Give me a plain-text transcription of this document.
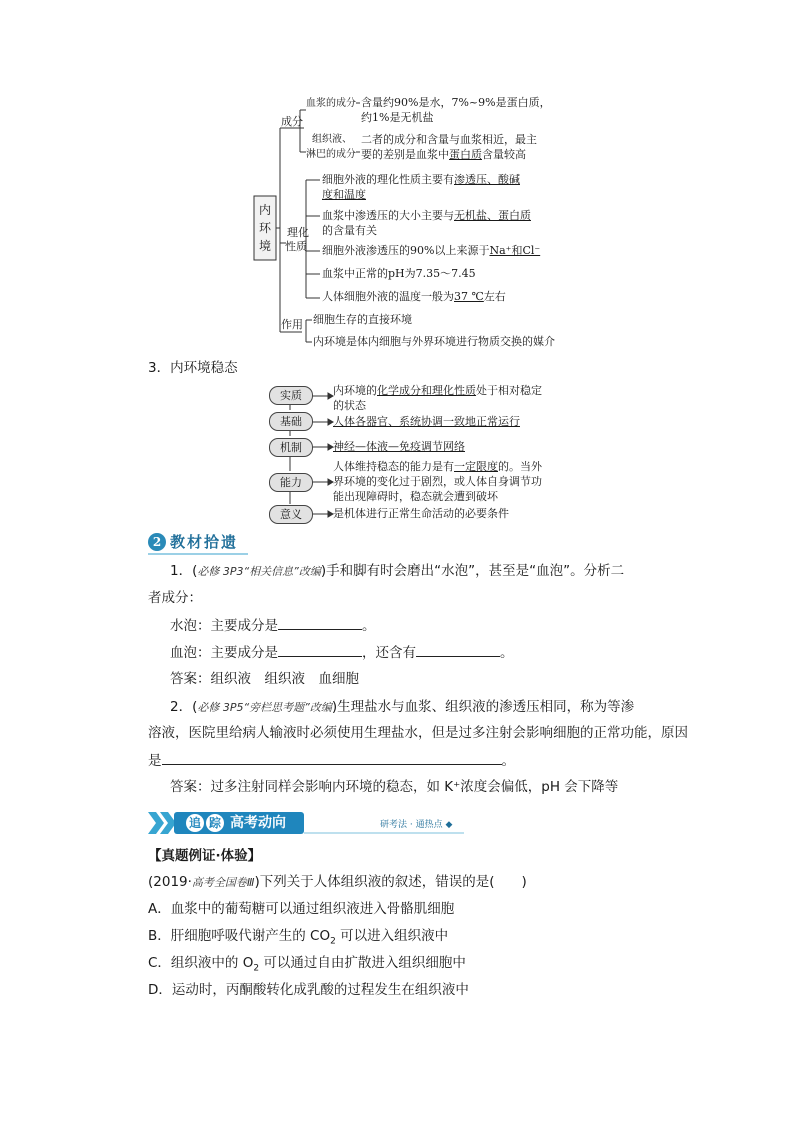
内环境
成分
血浆的成分 含量约90%是水，7%~9%是蛋白质，
约1%是无机盐
组织液、
淋巴的成分
二者的成分和含量与血浆相近，最主
要的差别是血浆中蛋白质含量较高
理化
性质
细胞外液的理化性质主要有渗透压、酸碱
度和温度
血浆中渗透压的大小主要与无机盐、蛋白质
的含量有关
细胞外液渗透压的90%以上来源于Na⁺和Cl⁻
血浆中正常的pH为7.35～7.45
人体细胞外液的温度一般为37 ℃左右
作用 细胞生存的直接环境
内环境是体内细胞与外界环境进行物质交换的媒介
3．内环境稳态
实质
基础
机制
能力
意义
内环境的化学成分和理化性质处于相对稳定
的状态
人体各器官、系统协调一致地正常运行
神经—体液—免疫调节网络
人体维持稳态的能力是有一定限度的。当外
界环境的变化过于剧烈，或人体自身调节功
能出现障碍时，稳态就会遭到破坏
是机体进行正常生命活动的必要条件
2 教材拾遗
1．(必修 3P3“相关信息”改编)手和脚有时会磨出“水泡”，甚至是“血泡”。分析二
者成分：
水泡：主要成分是	。
血泡：主要成分是	，还含有	。
答案：组织液　组织液　血细胞
2．(必修 3P5“旁栏思考题”改编)生理盐水与血浆、组织液的渗透压相同，称为等渗
溶液，医院里给病人输液时必须使用生理盐水，但是过多注射会影响细胞的正常功能，原因
是	。
答案：过多注射同样会影响内环境的稳态，如 K⁺浓度会偏低，pH 会下降等
追 踪 高考动向	研考法 · 通热点 ◆
【真题例证·体验】
(2019·高考全国卷Ⅲ)下列关于人体组织液的叙述，错误的是(　　)
A．血浆中的葡萄糖可以通过组织液进入骨骼肌细胞
B．肝细胞呼吸代谢产生的 $CO_2$ 可以进入组织液中
C．组织液中的 $O_2$ 可以通过自由扩散进入组织细胞中
D．运动时，丙酮酸转化成乳酸的过程发生在组织液中
